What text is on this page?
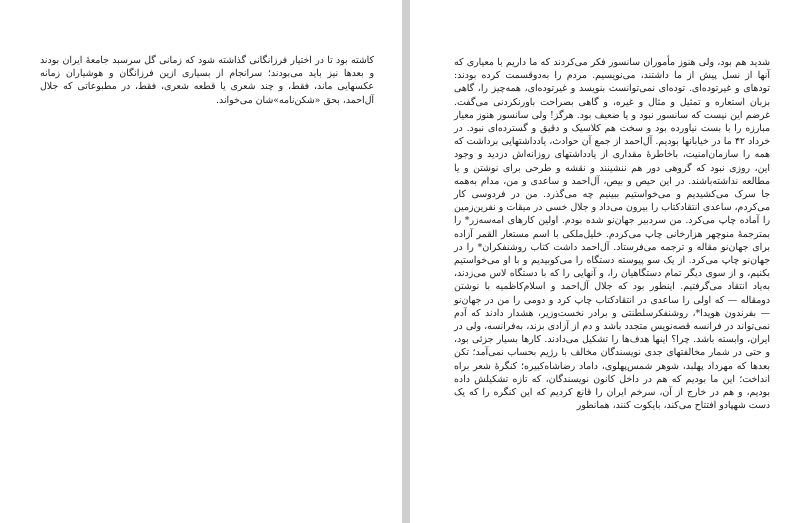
کاشته بود تا در اختیار فرزانگانی گذاشته شود که زمانی گل سرسبد جامعهٔ ایران بودند و بعدها نیز باید می‌بودند؛ سرانجام از بسیاری ازین فرزانگان و هوشیاران زمانه عکسهایی ماند، فقط، و چند شعری یا قطعه شعری، فقط، در مطبوعاتی که جلال آل‌احمد، بحق «شکن‌نامه»شان می‌خواند.

شدید هم بود، ولی هنوز مأموران سانسور فکر می‌کردند که ما داریم با معیاری که آنها از نسل پیش از ما داشتند، می‌نویسیم. مردم را به‌دوقسمت کرده بودند: تودهای و غیرتوده‌ای. توده‌ای نمی‌توانست بنویسد و غیرتوده‌ای، همه‌چیز را، گاهی بزبان استعاره و تمثیل و مثال و غیره، و گاهی بصراحت باورنکردنی می‌گفت. غرضم این نیست که سانسور نبود و یا ضعیف بود. هرگز! ولی سانسور هنوز معیار مبارزه را با بست نیاورده بود و سخت هم کلاسیک و دقیق و گسترده‌ای نبود. در خرداد ۴۲ ما در خیابانها بودیم. آل‌احمد از جمع آن حوادث، یادداشتهایی برداشت که همه را سازمان‌امنیت، باخاطرهٔ مقداری از یادداشتهای روزانه‌اش دزدید و وجود این، روزی نبود که گروهی دور هم ننشینند و نقشه و طرحی برای نوشتن و یا مطالعه نداشته‌باشند. در این حیص و بیص، آل‌احمد و ساعدی و من، مدام به‌همه جا سرک می‌کشیدیم و می‌خواستیم ببینیم چه می‌گذرد. من در فردوسی کار می‌کردم، ساعدی انتقاد‌کتاب را بیرون می‌داد و جلال خسی در میقات و نفرین‌زمین را آماده چاپ می‌کرد. من سردبیر جهان‌نو شده بودم. اولین کارهای امه‌سه‌زر* را بمترجمهٔ منوچهر هزارخانی چاپ می‌کردم. خلیل‌ملکی با اسم مستعار القمر آزاده برای جهان‌نو مقاله و ترجمه می‌فرستاد. آل‌احمد داشت کتاب روشنفکران* را در جهان‌نو چاپ می‌کرد. از یک سو پیوسته دستگاه را می‌کوبیدیم و با او می‌خواستیم بکنیم، و از سوی دیگر تمام دستگاهیان را، و آنهایی را که با دستگاه لاس می‌زدند، به‌یاد انتقاد می‌گرفتیم. اینطور بود که جلال آل‌احمد و اسلام‌کاظمیه با نوشتن دومقاله — که اولی را ساعدی در انتقاد‌کتاب چاپ کرد و دومی را من در جهان‌نو — بفرندون هویدا*، روشنفکر‌سلطنتی و برادر نخست‌وزیر، هشدار دادند که آدم نمی‌تواند در فرانسه قصه‌نویس متجدد باشد و دم از آزادی بزند، به‌فرانسه، ولی در ایران، وابسته باشد. چرا؟ اینها هدف‌ها را تشکیل می‌دادند. کارها بسیار جزئی بود، و حتی در شمار مخالفتهای جدی نویسندگان مخالف با رژیم بحساب نمی‌آمد؛ تکن بعدها که مهرداد پهلبد، شوهر شمس‌پهلوی، داماد رضاشاه‌کبیره؛ کنگرهٔ شعر براه انداخت؛ این ما بودیم که هم در داخل کانون نویسندگان، که تازه تشکیلش داده بودیم، و هم در خارج از آن، سرخم ایران را قانع کردیم که این کنگره را که یک دست شهپادو افتتاح می‌کند، بایکوت کنند، همانطور
